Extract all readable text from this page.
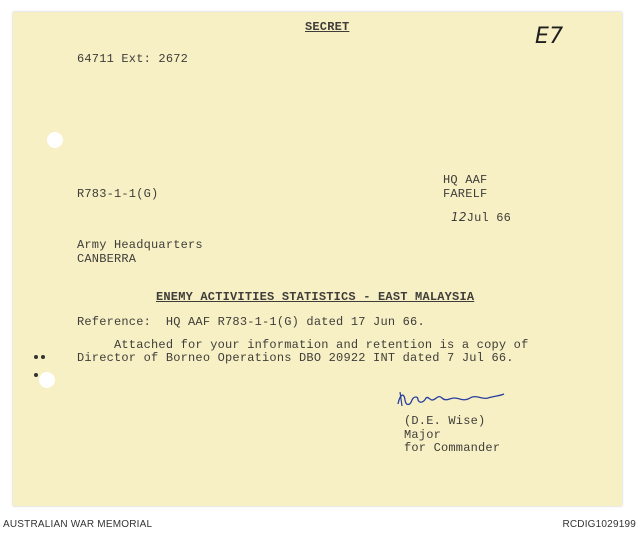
SECRET
64711 Ext: 2672
E7
R783-1-1(G)
HQ AAF
FARELF
12Jul 66
Army Headquarters
CANBERRA
ENEMY ACTIVITIES STATISTICS - EAST MALAYSIA
Reference:  HQ AAF R783-1-1(G) dated 17 Jun 66.
Attached for your information and retention is a copy of
Director of Borneo Operations DBO 20922 INT dated 7 Jul 66.
(D.E. Wise)
Major
for Commander
AUSTRALIAN WAR MEMORIAL	RCDIG1029199
